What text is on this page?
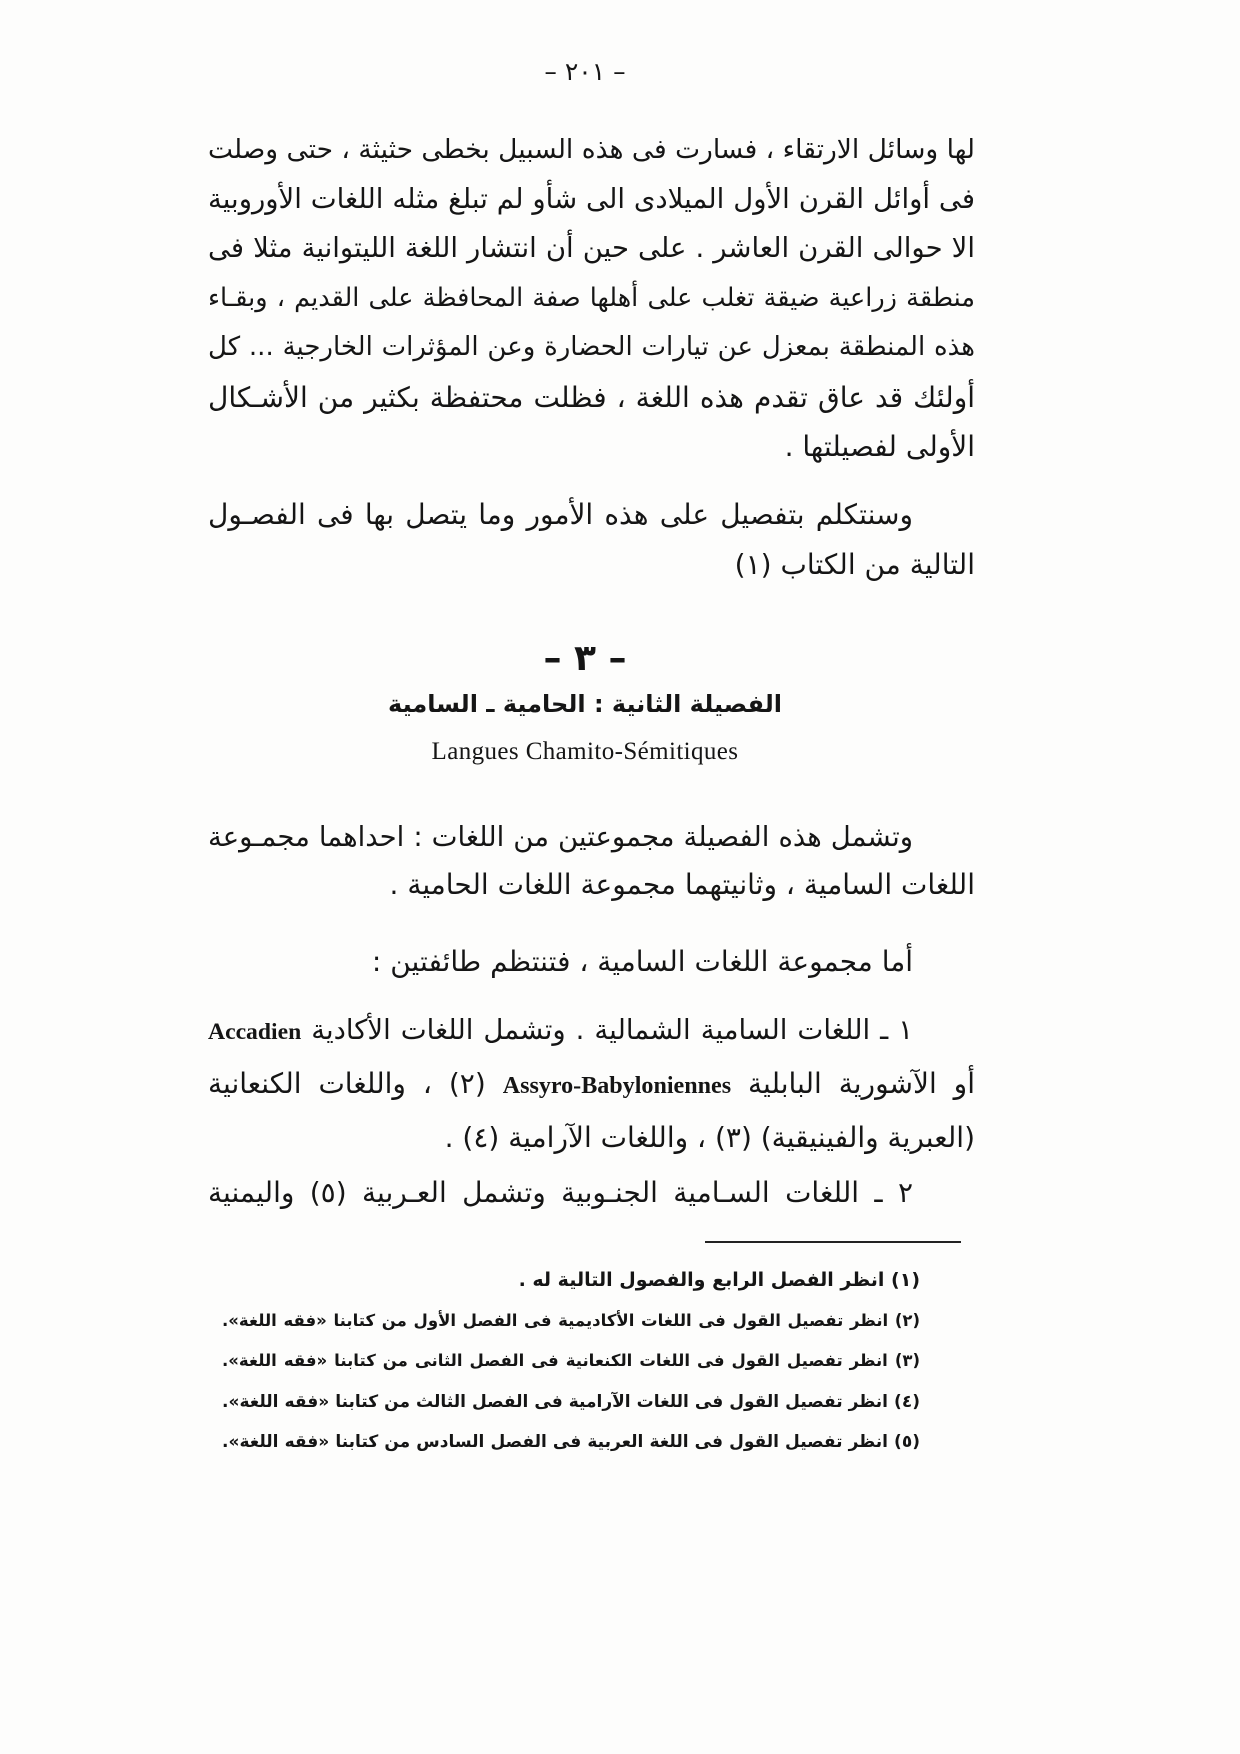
– ٢٠١ –
لها وسائل الارتقاء ، فسارت فى هذه السبيل بخطى حثيثة ، حتى وصلت
فى أوائل القرن الأول الميلادى الى شأو لم تبلغ مثله اللغات الأوروبية
الا حوالى القرن العاشر . على حين أن انتشار اللغة الليتوانية مثلا فى
منطقة زراعية ضيقة تغلب على أهلها صفة المحافظة على القديم ، وبقـاء
هذه المنطقة بمعزل عن تيارات الحضارة وعن المؤثرات الخارجية ... كل
أولئك قد عاق تقدم هذه اللغة ، فظلت محتفظة بكثير من الأشـكال
الأولى لفصيلتها .
وسنتكلم بتفصيل على هذه الأمور وما يتصل بها فى الفصـول
التالية من الكتاب (١)
– ٣ –
الفصيلة الثانية : الحامية ـ السامية
Langues Chamito-Sémitiques
وتشمل هذه الفصيلة مجموعتين من اللغات : احداهما مجمـوعة
اللغات السامية ، وثانيتهما مجموعة اللغات الحامية .
أما مجموعة اللغات السامية ، فتنتظم طائفتين :
١ ـ اللغات السامية الشمالية . وتشمل اللغات الأكادية Accadien
أو الآشورية البابلية Assyro-Babyloniennes (٢) ، واللغات الكنعانية
(العبرية والفينيقية) (٣) ، واللغات الآرامية (٤) .
٢ ـ اللغات السـامية الجنـوبية وتشمل العـربية (٥) واليمنية
(١) انظر الفصل الرابع والفصول التالية له .
(٢) انظر تفصيل القول فى اللغات الأكاديمية فى الفصل الأول من كتابنا «فقه اللغة».
(٣) انظر تفصيل القول فى اللغات الكنعانية فى الفصل الثانى من كتابنا «فقه اللغة».
(٤) انظر تفصيل القول فى اللغات الآرامية فى الفصل الثالث من كتابنا «فقه اللغة».
(٥) انظر تفصيل القول فى اللغة العربية فى الفصل السادس من كتابنا «فقه اللغة».
